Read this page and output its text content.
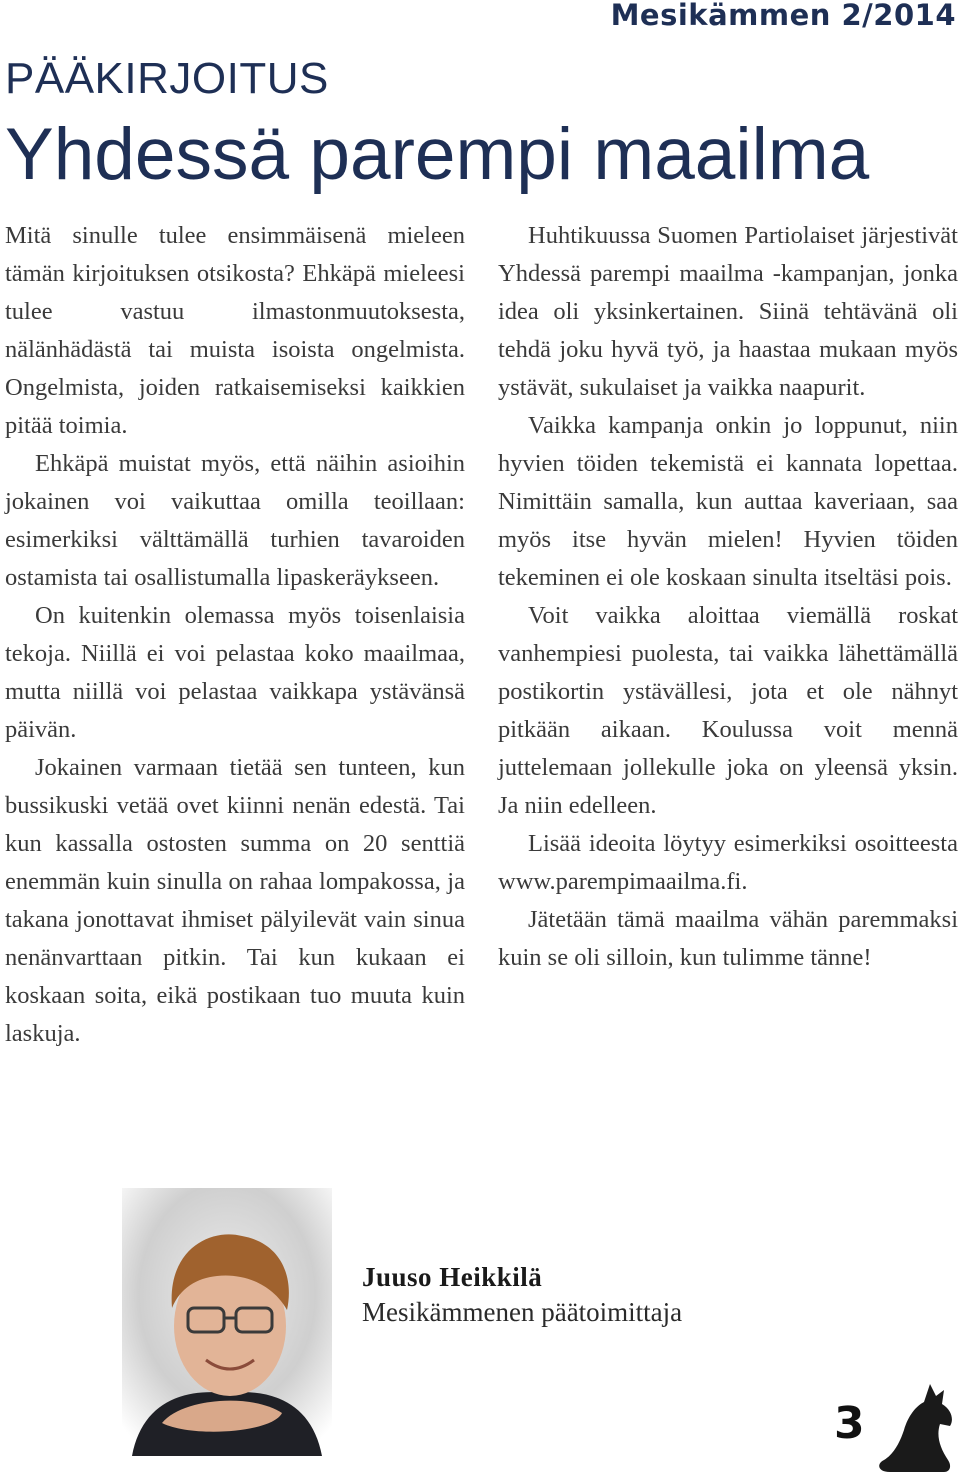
Mesikämmen 2/2014
PÄÄKIRJOITUS
Yhdessä parempi maailma

Mitä sinulle tulee ensimmäisenä mieleen tämän kirjoituksen otsikosta? Ehkäpä mieleesi tulee vastuu ilmastonmuutoksesta, nälänhädästä tai muista isoista ongelmista. Ongelmista, joiden ratkaisemiseksi kaikkien pitää toimia.

Ehkäpä muistat myös, että näihin asioihin jokainen voi vaikuttaa omilla teoillaan: esimerkiksi välttämällä turhien tavaroiden ostamista tai osallistumalla lipaskeräykseen.

On kuitenkin olemassa myös toisenlaisia tekoja. Niillä ei voi pelastaa koko maailmaa, mutta niillä voi pelastaa vaikkapa ystävänsä päivän.

Jokainen varmaan tietää sen tunteen, kun bussikuski vetää ovet kiinni nenän edestä. Tai kun kassalla ostosten summa on 20 senttiä enemmän kuin sinulla on rahaa lompakossa, ja takana jonottavat ihmiset pälyilevät vain sinua nenänvarttaan pitkin. Tai kun kukaan ei koskaan soita, eikä postikaan tuo muuta kuin laskuja.

Huhtikuussa Suomen Partiolaiset järjestivät Yhdessä parempi maailma -kampanjan, jonka idea oli yksinkertainen. Siinä tehtävänä oli tehdä joku hyvä työ, ja haastaa mukaan myös ystävät, sukulaiset ja vaikka naapurit.

Vaikka kampanja onkin jo loppunut, niin hyvien töiden tekemistä ei kannata lopettaa. Nimittäin samalla, kun auttaa kaveriaan, saa myös itse hyvän mielen! Hyvien töiden tekeminen ei ole koskaan sinulta itseltäsi pois.

Voit vaikka aloittaa viemällä roskat vanhempiesi puolesta, tai vaikka lähettämällä postikortin ystävällesi, jota et ole nähnyt pitkään aikaan. Koulussa voit mennä juttelemaan jollekulle joka on yleensä yksin. Ja niin edelleen.

Lisää ideoita löytyy esimerkiksi osoitteesta www.parempimaailma.fi.

Jätetään tämä maailma vähän paremmaksi kuin se oli silloin, kun tulimme tänne!

Juuso Heikkilä
Mesikämmenen päätoimittaja
3
